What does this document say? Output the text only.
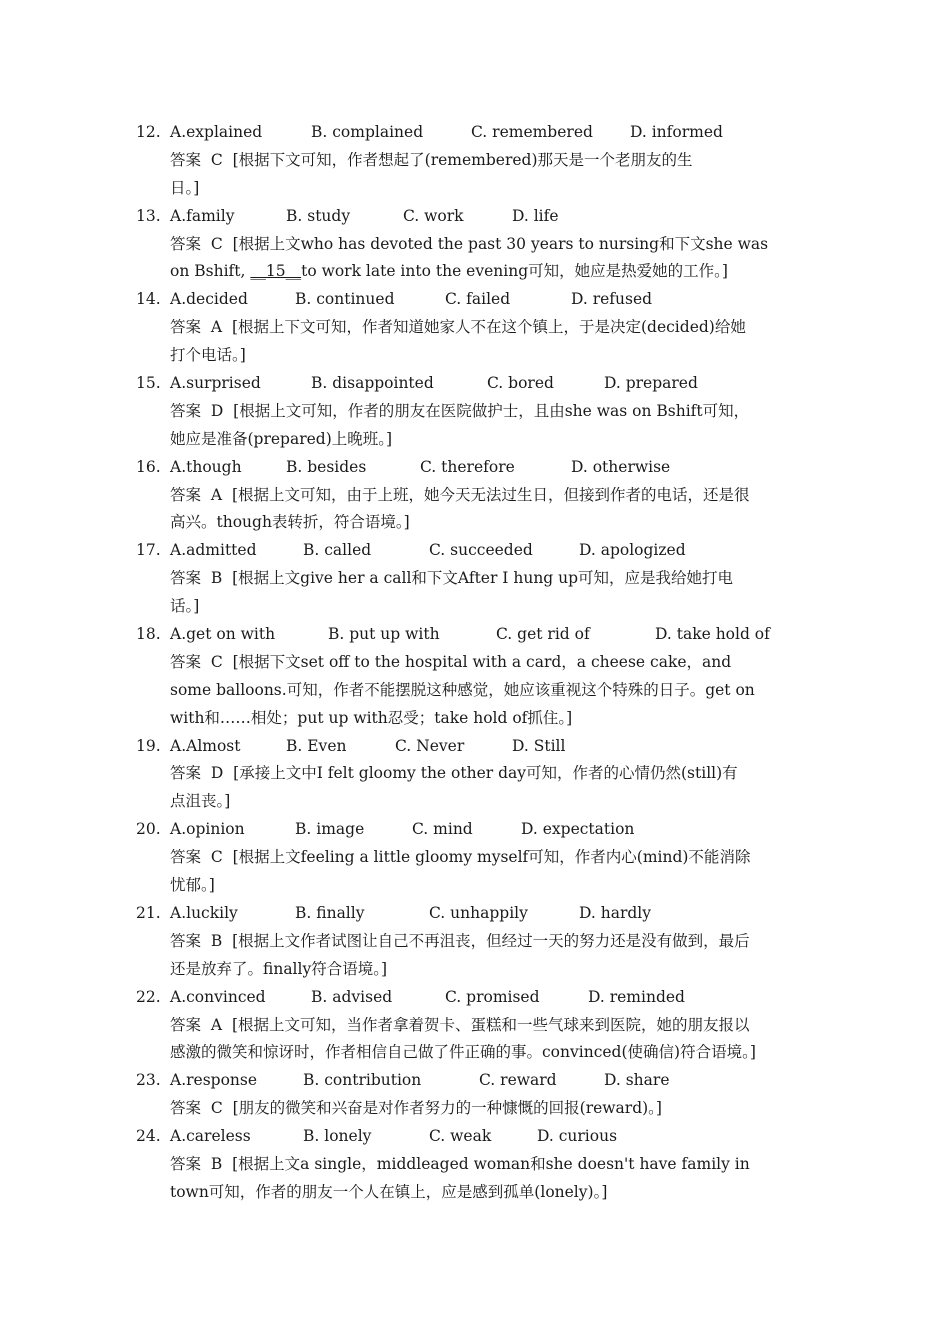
12. A.explained	B. complained	C. remembered D. informed
答案 C [根据下文可知，作者想起了(remembered)那天是一个老朋友的生
日。]
13. A.family	B. study	C. work	D. life
答案 C [根据上文who has devoted the past 30 years to nursing和下文she was
on Bshift, __15__to work late into the evening可知，她应是热爱她的工作。]
14. A.decided	B. continued	C. failed	D. refused
答案 A [根据上下文可知，作者知道她家人不在这个镇上，于是决定(decided)给她
打个电话。]
15. A.surprised	B. disappointed	C. bored	D. prepared
答案 D [根据上文可知，作者的朋友在医院做护士，且由she was on Bshift可知，
她应是准备(prepared)上晚班。]
16. A.though	B. besides	C. therefore	D. otherwise
答案 A [根据上文可知，由于上班，她今天无法过生日，但接到作者的电话，还是很
高兴。though表转折，符合语境。]
17. A.admitted	B. called	C. succeeded	D. apologized
答案 B [根据上文give her a call和下文After I hung up可知，应是我给她打电
话。]
18. A.get on with	B. put up with	C. get rid of	D. take hold of
答案 C [根据下文set off to the hospital with a card，a cheese cake，and
some balloons.可知，作者不能摆脱这种感觉，她应该重视这个特殊的日子。get on
with和……相处；put up with忍受；take hold of抓住。]
19. A.Almost	B. Even	C. Never	D. Still
答案 D [承接上文中I felt gloomy the other day可知，作者的心情仍然(still)有
点沮丧。]
20. A.opinion	B. image	C. mind	D. expectation
答案 C [根据上文feeling a little gloomy myself可知，作者内心(mind)不能消除
忧郁。]
21. A.luckily	B. finally	C. unhappily	D. hardly
答案 B [根据上文作者试图让自己不再沮丧，但经过一天的努力还是没有做到，最后
还是放弃了。finally符合语境。]
22. A.convinced	B. advised	C. promised	D. reminded
答案 A [根据上文可知，当作者拿着贺卡、蛋糕和一些气球来到医院，她的朋友报以
感激的微笑和惊讶时，作者相信自己做了件正确的事。convinced(使确信)符合语境。]
23. A.response	B. contribution	C. reward	D. share
答案 C [朋友的微笑和兴奋是对作者努力的一种慷慨的回报(reward)。]
24. A.careless	B. lonely	C. weak	D. curious
答案 B [根据上文a single，middleaged woman和she doesn't have family in
town可知，作者的朋友一个人在镇上，应是感到孤单(lonely)。]
